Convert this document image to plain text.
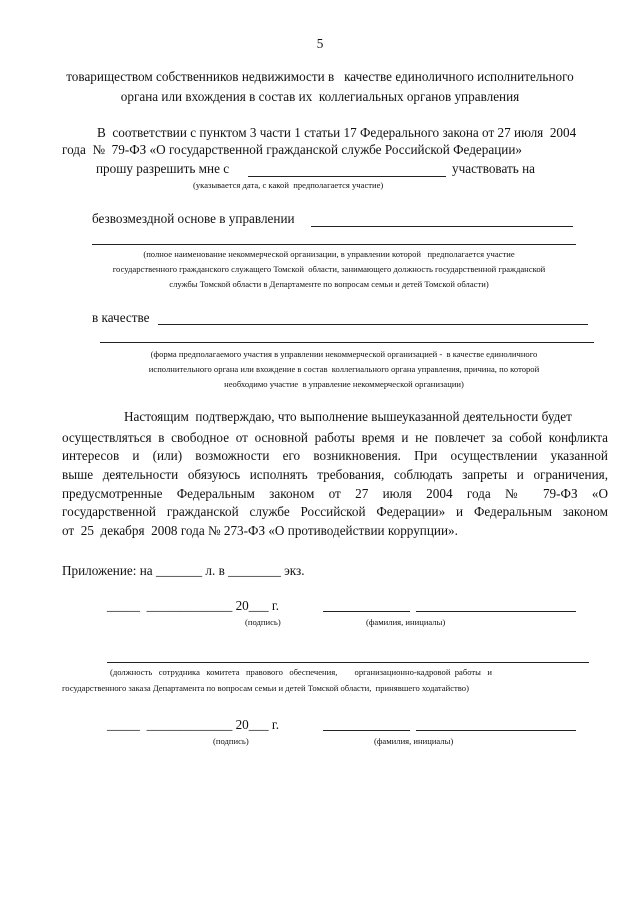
5
товариществом собственников недвижимости в   качестве единоличного исполнительного
органа или вхождения в состав их  коллегиальных органов управления
В  соответствии с пунктом 3 части 1 статьи 17 Федерального закона от 27 июля  2004
года  №  79-ФЗ «О государственной гражданской службе Российской Федерации»
прошу разрешить мне с	участвовать на
(указывается дата, с какой  предполагается участие)
безвозмездной основе в управлении
(полное наименование некоммерческой организации, в управлении которой   предполагается участие
государственного гражданского служащего Томской  области, занимающего должность государственной гражданской
службы Томской области в Департаменте по вопросам семьи и детей Томской области)
в качестве
(форма предполагаемого участия в управлении некоммерческой организацией -  в качестве единоличного
исполнительного органа или вхождение в состав  коллегиального органа управления, причина, по которой
необходимо участие  в управление некоммерческой организации)
Настоящим  подтверждаю, что выполнение вышеуказанной деятельности будет
осуществляться в свободное от основной работы время и не повлечет за собой конфликта
интересов и (или) возможности его возникновения. При осуществлении указанной
выше деятельности обязуюсь исполнять требования, соблюдать запреты и ограничения,
предусмотренные Федеральным законом от 27 июля 2004 года № 79-ФЗ «О
государственной гражданской службе Российской Федерации» и Федеральным законом
от  25  декабря  2008 года № 273-ФЗ «О противодействии коррупции».
Приложение: на _______ л. в ________ экз.
_____  _____________ 20___ г.
(подпись)	(фамилия, инициалы)
(должность   сотрудника   комитета   правового   обеспечения,        организационно-кадровой  работы   и
государственного заказа Департамента по вопросам семьи и детей Томской области,  принявшего ходатайство)
_____  _____________ 20___ г.
(подпись)	(фамилия, инициалы)
